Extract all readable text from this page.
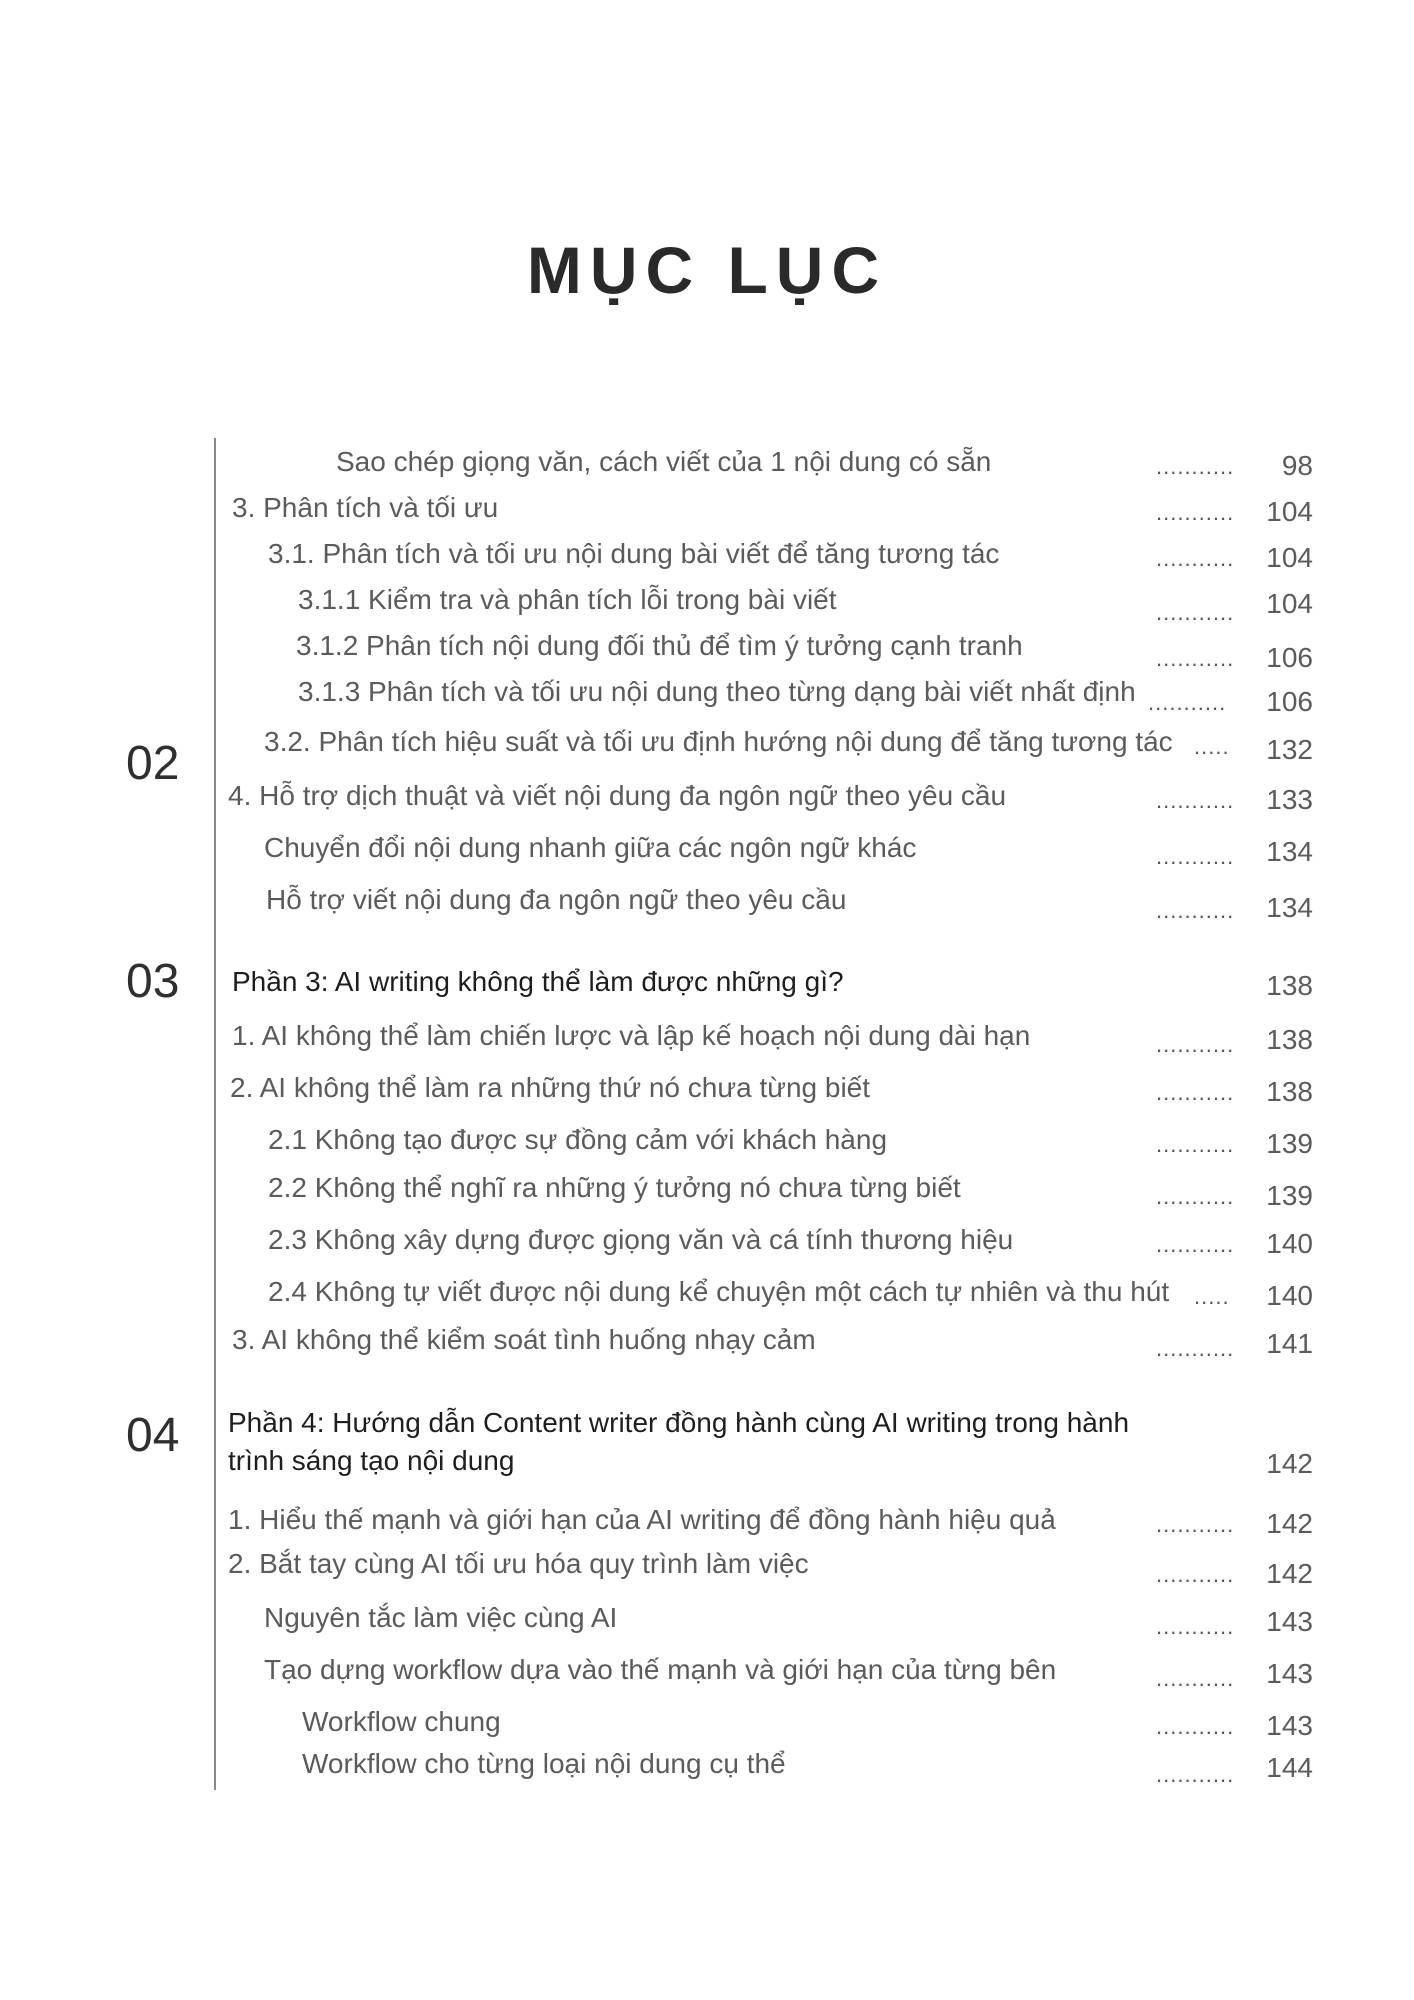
MỤC LỤC
02
03
04
Sao chép giọng văn, cách viết của 1 nội dung có sẵn	........... 98
3. Phân tích và tối ưu	........... 104
3.1. Phân tích và tối ưu nội dung bài viết để tăng tương tác	........... 104
3.1.1 Kiểm tra và phân tích lỗi trong bài viết	........... 104
3.1.2 Phân tích nội dung đối thủ để tìm ý tưởng cạnh tranh	........... 106
3.1.3 Phân tích và tối ưu nội dung theo từng dạng bài viết nhất định ........... 106
3.2. Phân tích hiệu suất và tối ưu định hướng nội dung để tăng tương tác ..... 132
4. Hỗ trợ dịch thuật và viết nội dung đa ngôn ngữ theo yêu cầu	........... 133
Chuyển đổi nội dung nhanh giữa các ngôn ngữ khác	........... 134
Hỗ trợ viết nội dung đa ngôn ngữ theo yêu cầu	........... 134
Phần 3: AI writing không thể làm được những gì?	138
1. AI không thể làm chiến lược và lập kế hoạch nội dung dài hạn	........... 138
2. AI không thể làm ra những thứ nó chưa từng biết	........... 138
2.1 Không tạo được sự đồng cảm với khách hàng	........... 139
2.2 Không thể nghĩ ra những ý tưởng nó chưa từng biết	........... 139
2.3 Không xây dựng được giọng văn và cá tính thương hiệu	........... 140
2.4 Không tự viết được nội dung kể chuyện một cách tự nhiên và thu hút ..... 140
3. AI không thể kiểm soát tình huống nhạy cảm	........... 141
Phần 4: Hướng dẫn Content writer đồng hành cùng AI writing trong hành trình sáng tạo nội dung	142
1. Hiểu thế mạnh và giới hạn của AI writing để đồng hành hiệu quả	........... 142
2. Bắt tay cùng AI tối ưu hóa quy trình làm việc	........... 142
Nguyên tắc làm việc cùng AI	........... 143
Tạo dựng workflow dựa vào thế mạnh và giới hạn của từng bên	........... 143
Workflow chung	........... 143
Workflow cho từng loại nội dung cụ thể	........... 144
